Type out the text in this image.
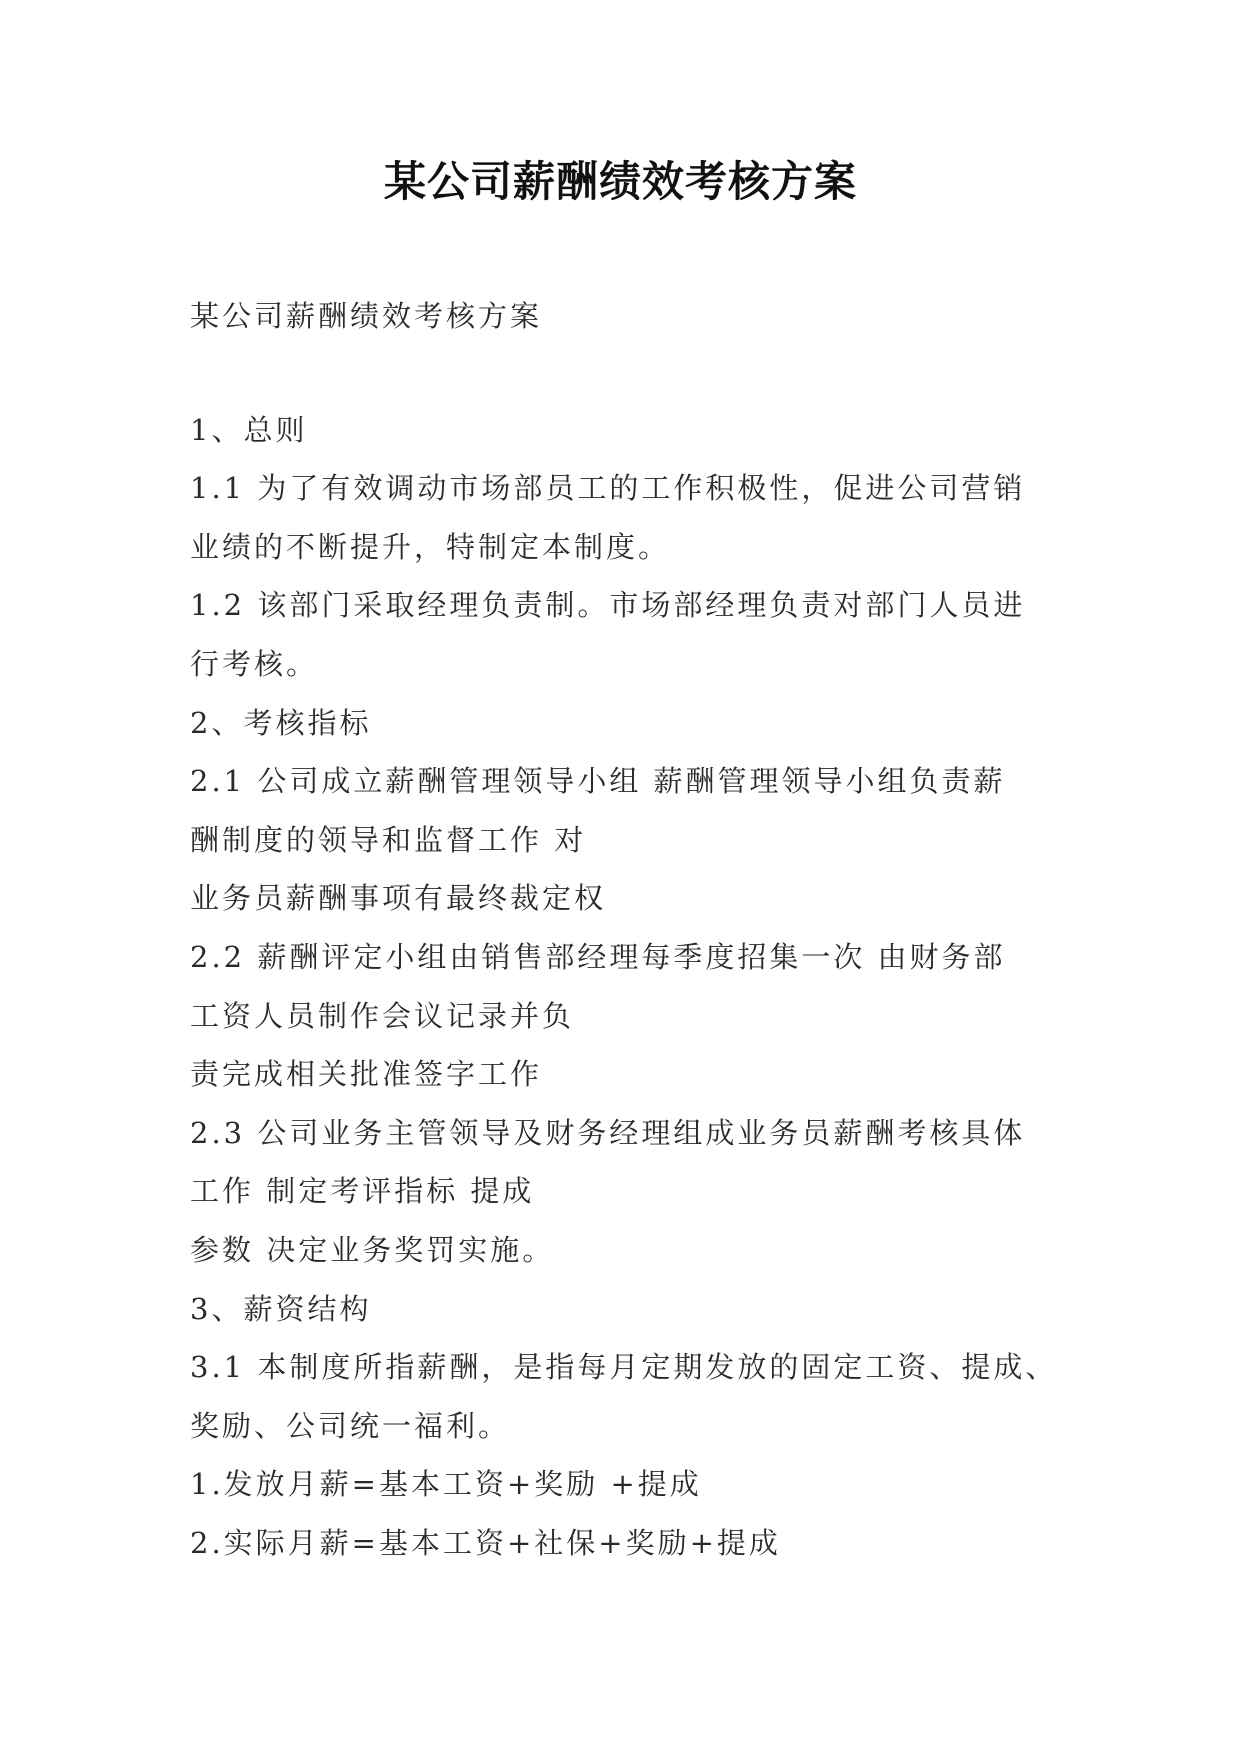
某公司薪酬绩效考核方案

某公司薪酬绩效考核方案

1、总则

1.1 为了有效调动市场部员工的工作积极性，促进公司营销

业绩的不断提升，特制定本制度。

1.2 该部门采取经理负责制。市场部经理负责对部门人员进

行考核。

2、考核指标

2.1 公司成立薪酬管理领导小组 薪酬管理领导小组负责薪

酬制度的领导和监督工作 对

业务员薪酬事项有最终裁定权

2.2 薪酬评定小组由销售部经理每季度招集一次 由财务部

工资人员制作会议记录并负

责完成相关批准签字工作

2.3 公司业务主管领导及财务经理组成业务员薪酬考核具体

工作 制定考评指标 提成

参数 决定业务奖罚实施。

3、薪资结构

3.1 本制度所指薪酬，是指每月定期发放的固定工资、提成、

奖励、公司统一福利。

1.发放月薪=基本工资+奖励 +提成

2.实际月薪=基本工资+社保+奖励+提成
